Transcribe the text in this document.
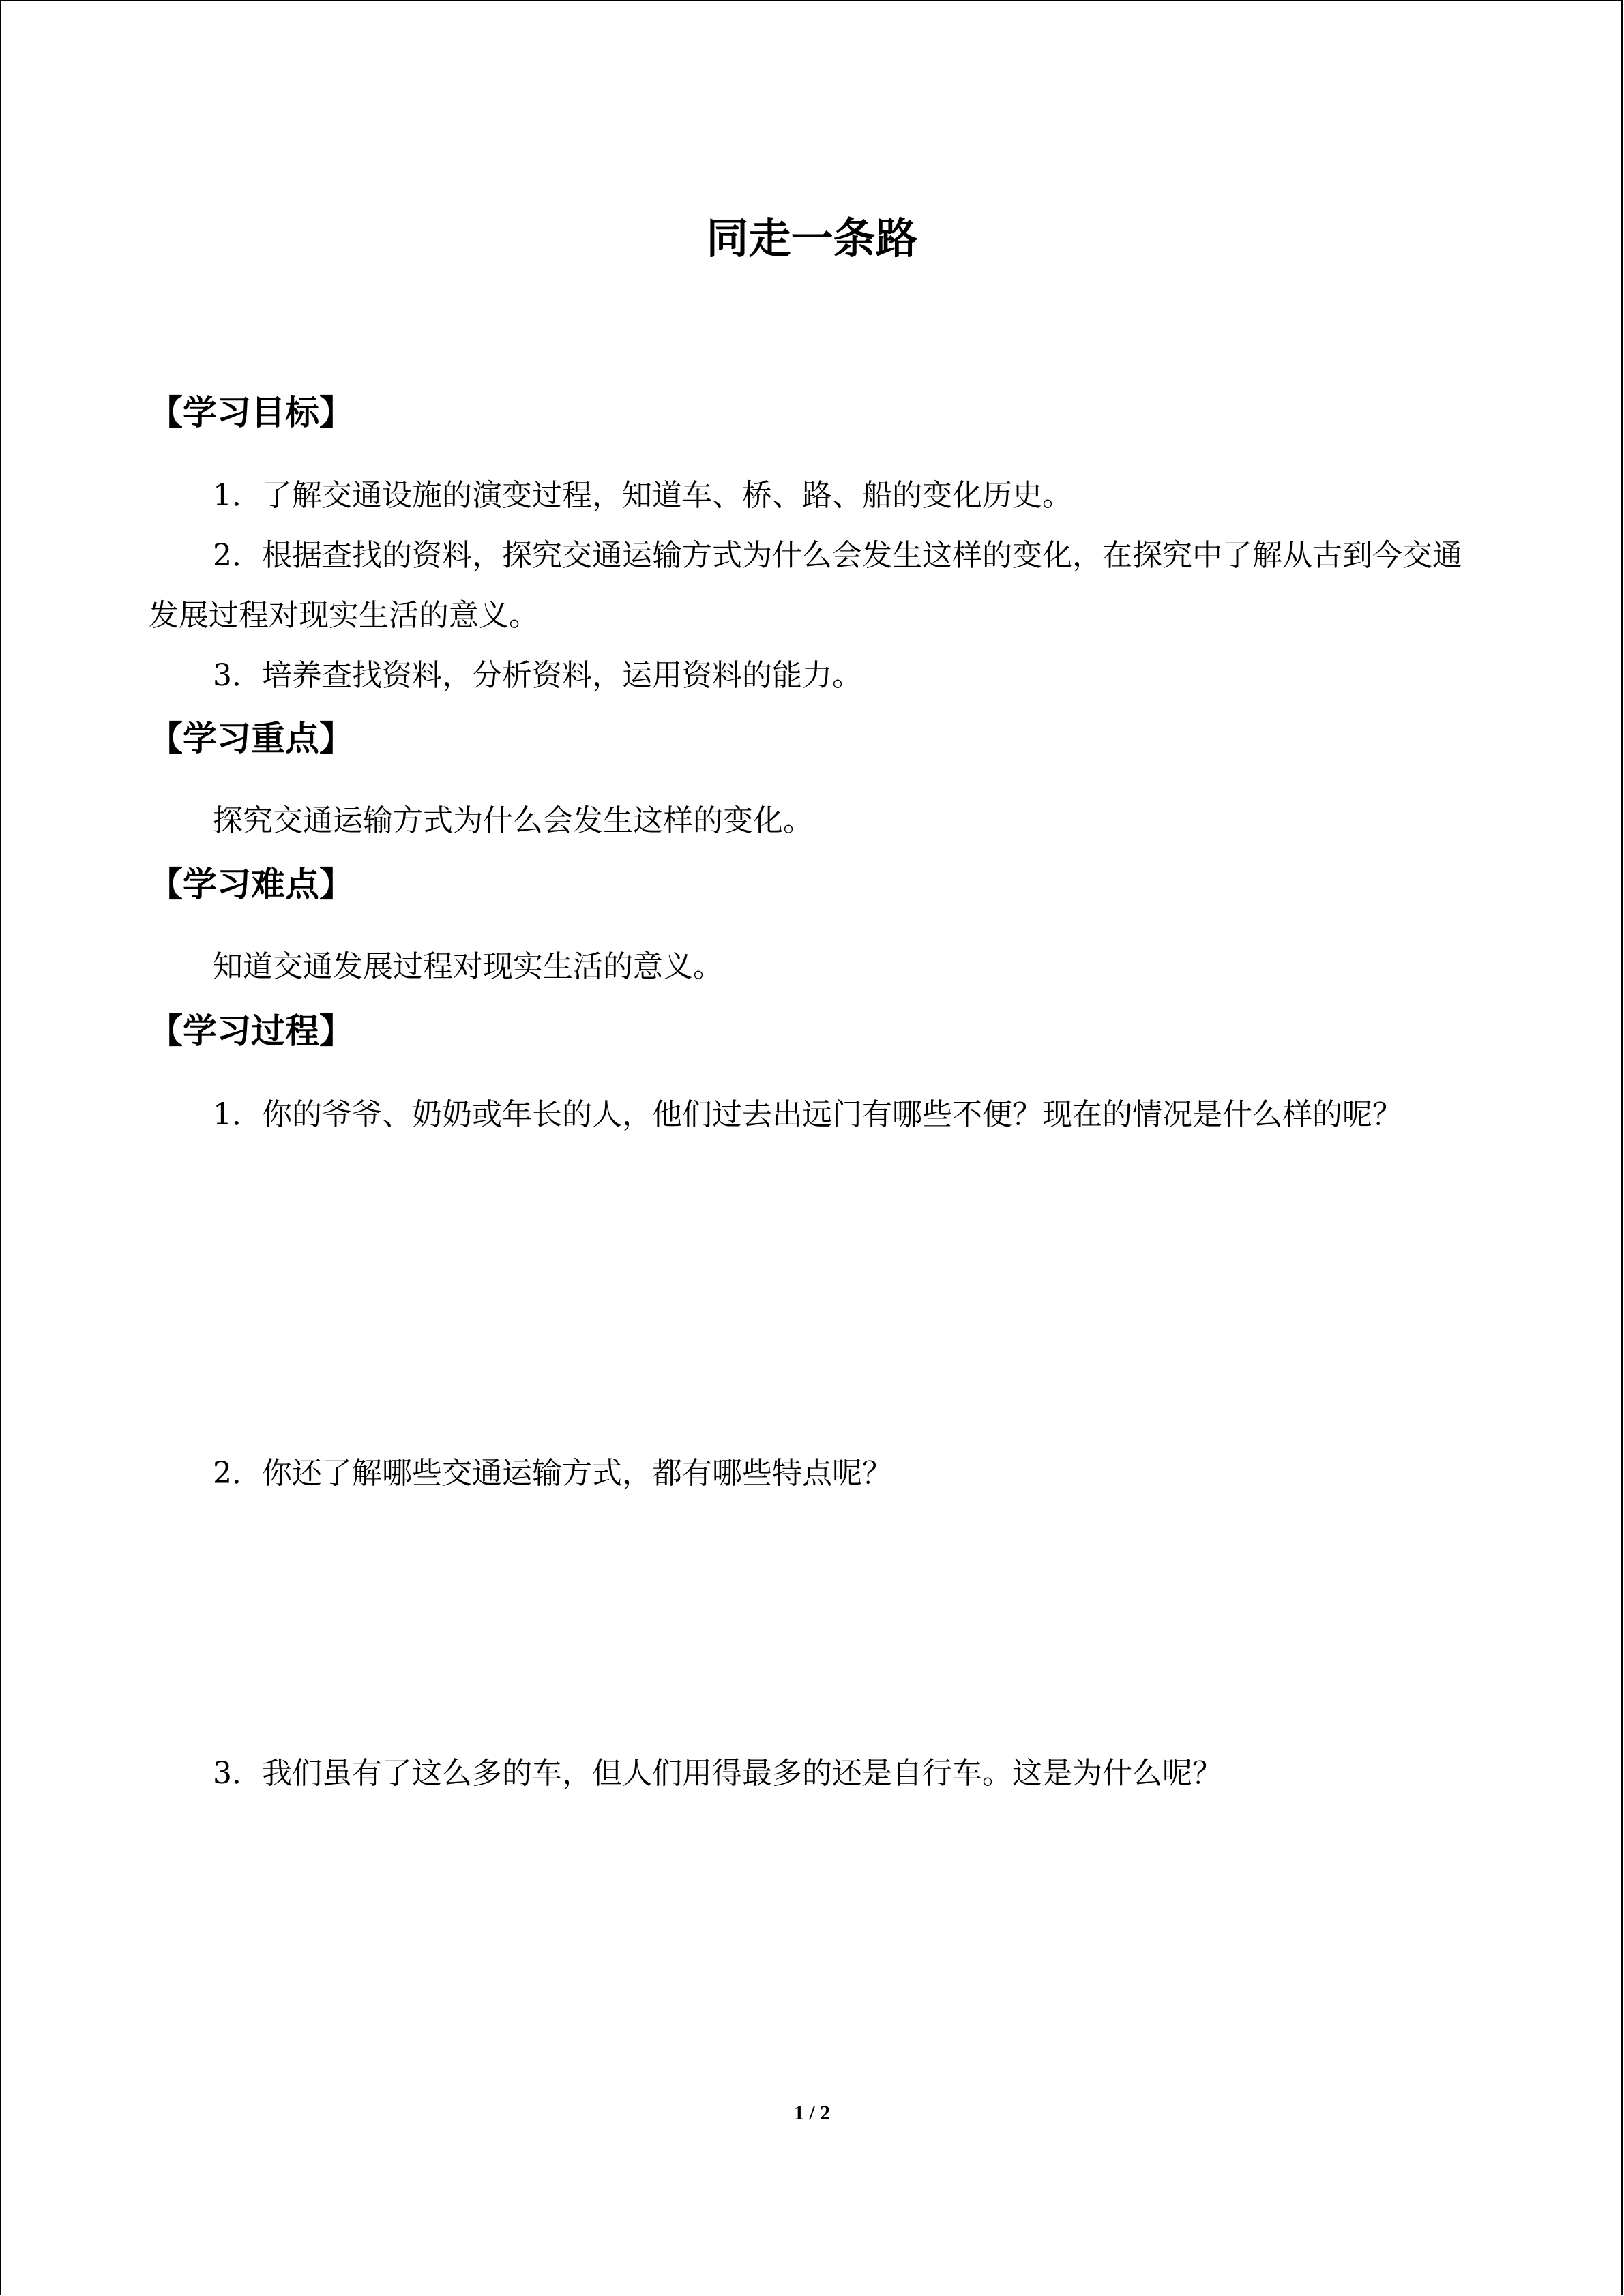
同走一条路
【学习目标】

1．了解交通设施的演变过程，知道车、桥、路、船的变化历史。

2．根据查找的资料，探究交通运输方式为什么会发生这样的变化，在探究中了解从古到今交通发展过程对现实生活的意义。

3．培养查找资料，分析资料，运用资料的能力。

【学习重点】

探究交通运输方式为什么会发生这样的变化。

【学习难点】

知道交通发展过程对现实生活的意义。

【学习过程】

1．你的爷爷、奶奶或年长的人，他们过去出远门有哪些不便？现在的情况是什么样的呢？

2．你还了解哪些交通运输方式，都有哪些特点呢？

3．我们虽有了这么多的车，但人们用得最多的还是自行车。这是为什么呢？

1 / 2
